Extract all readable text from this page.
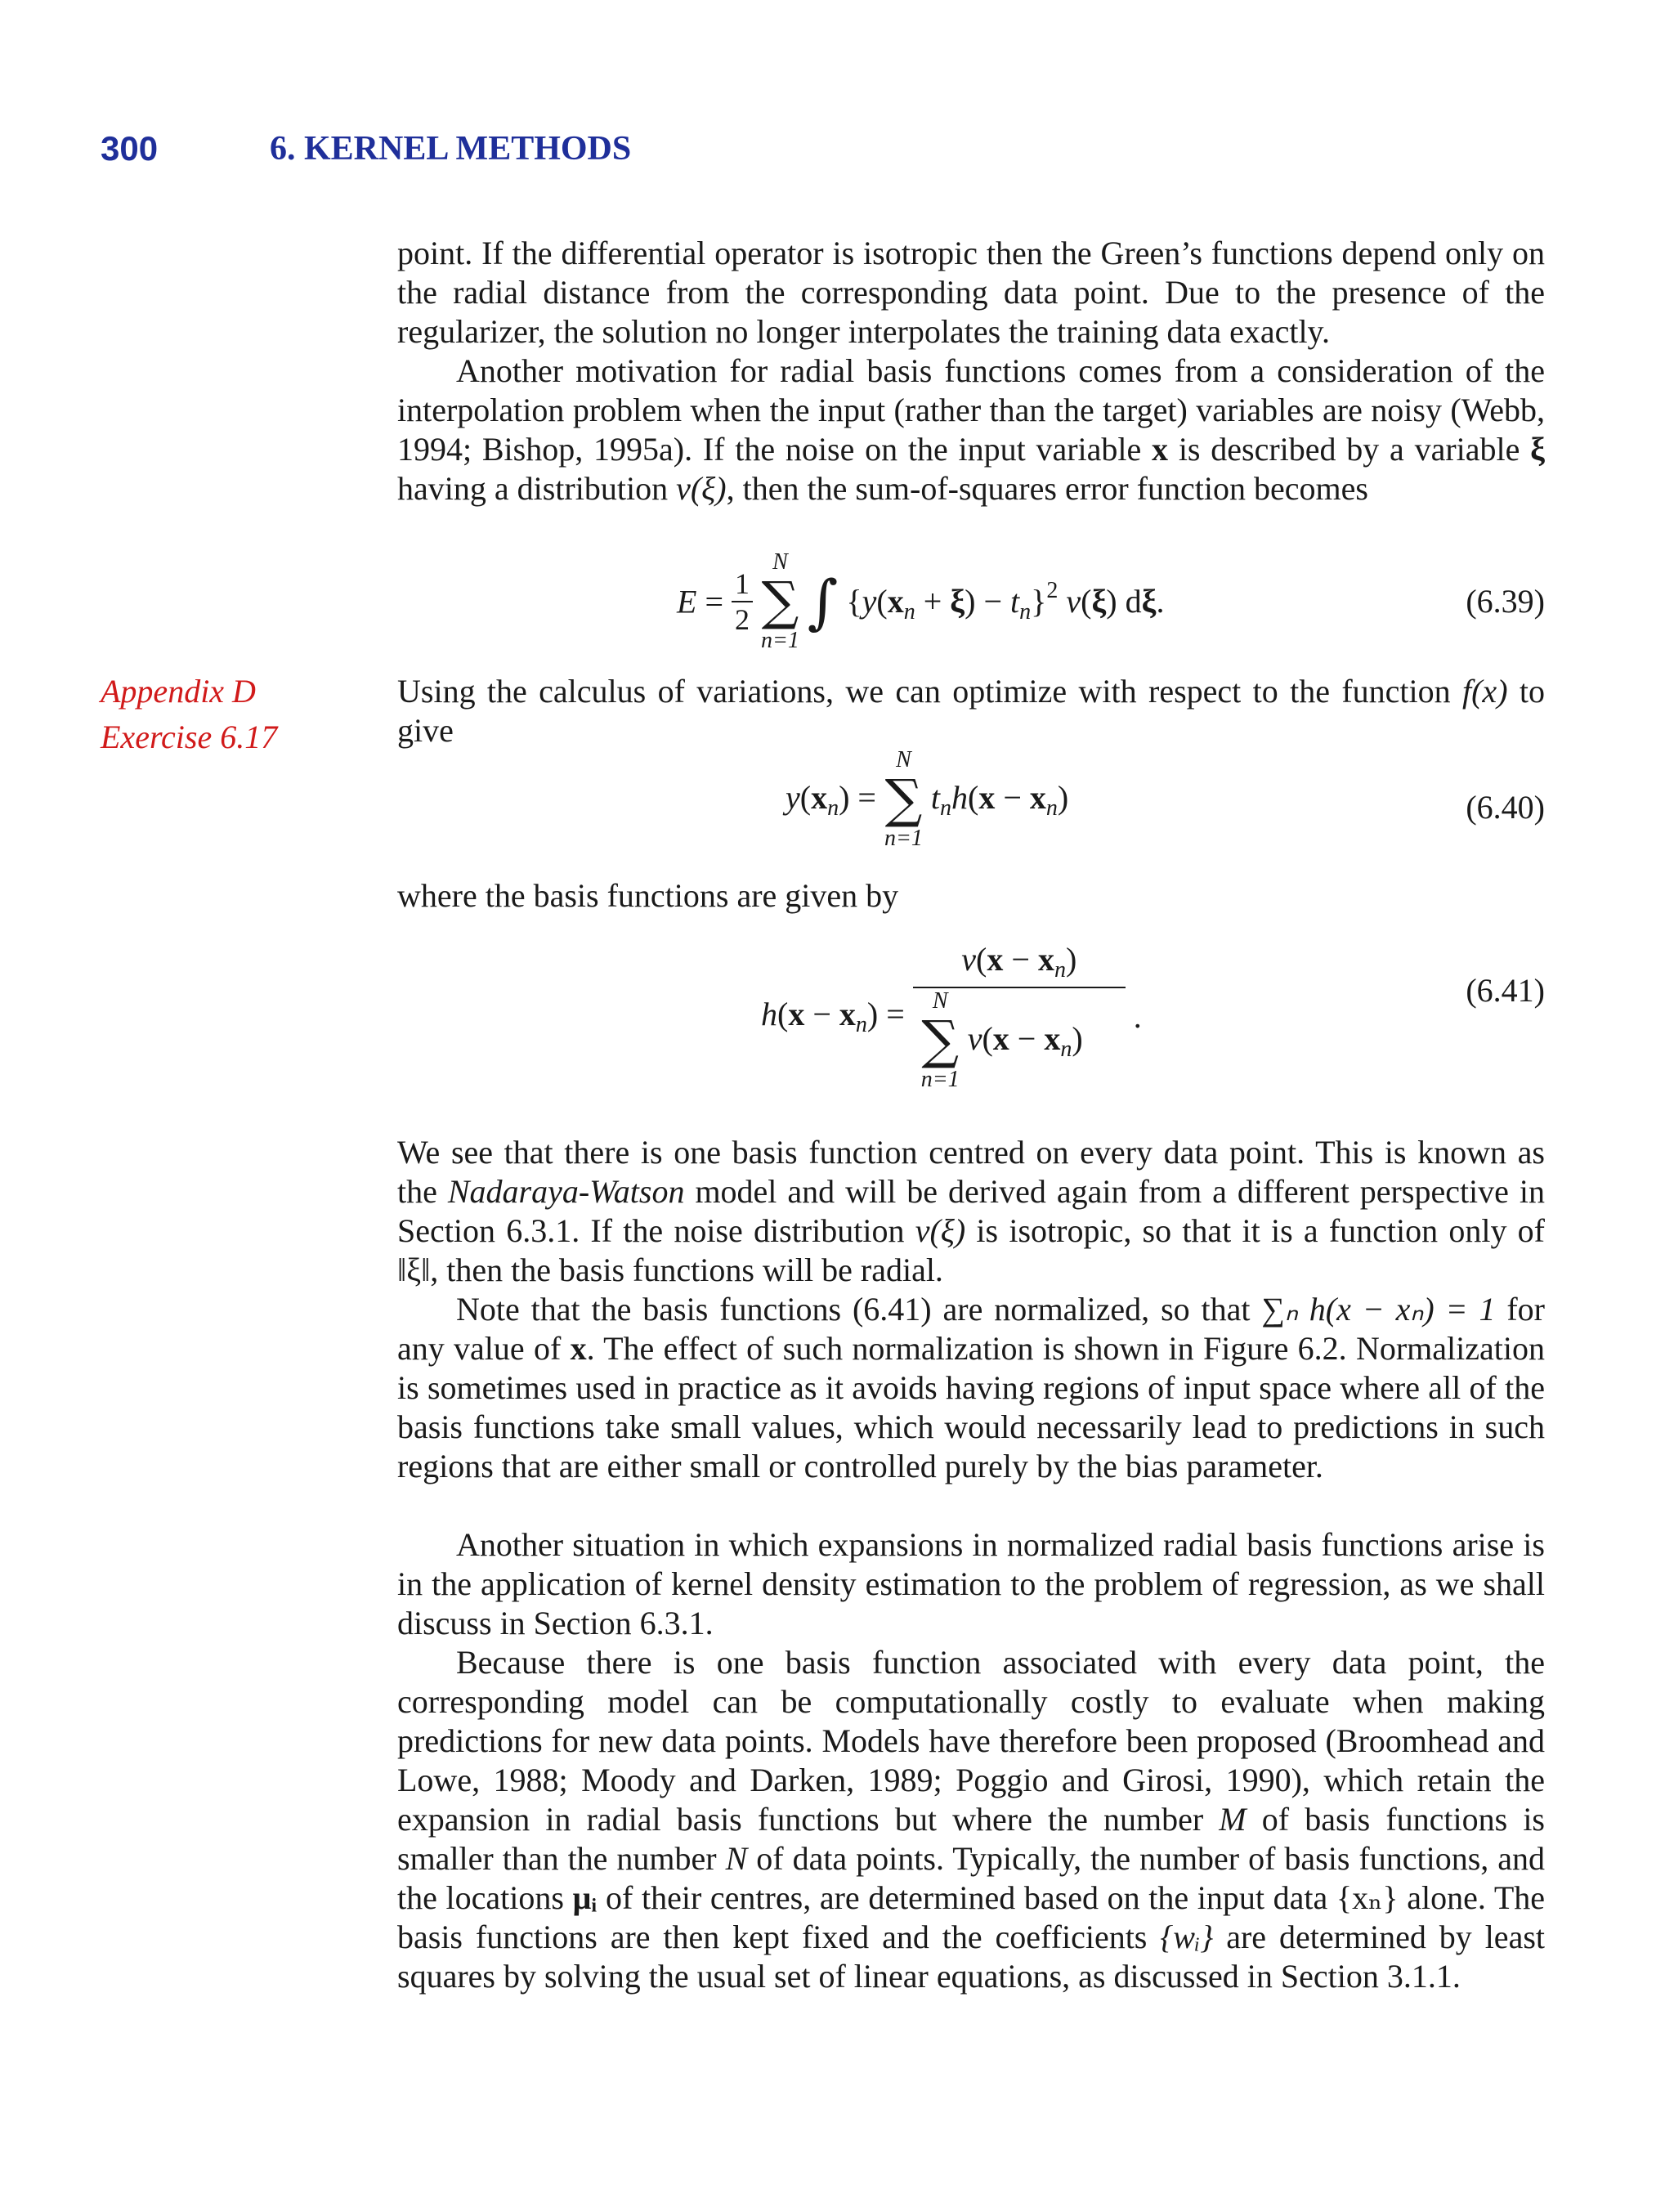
300	6. KERNEL METHODS

point. If the differential operator is isotropic then the Green’s functions depend only on the radial distance from the corresponding data point. Due to the presence of the regularizer, the solution no longer interpolates the training data exactly.

Another motivation for radial basis functions comes from a consideration of the interpolation problem when the input (rather than the target) variables are noisy (Webb, 1994; Bishop, 1995a). If the noise on the input variable x is described by a variable ξ having a distribution ν(ξ), then the sum-of-squares error function becomes

$E = \frac{1}{2}$

N
∑
n=1
∫ $\{y(x_n + \xi) - t_n\}^2$ ν(ξ) dξ.	(6.39)
Appendix D
Exercise 6.17

Using the calculus of variations, we can optimize with respect to the function f(x) to give

$y(x_n)$ =
N
∑
n=1
$t_nh(x - x_n)$	(6.40)

where the basis functions are given by

$h(x - x_n) = \nu(x - x_n)$
N
∑
n=1
$\nu(x - x_n)$ .
(6.41)

We see that there is one basis function centred on every data point. This is known as the Nadaraya-Watson model and will be derived again from a different perspective in Section 6.3.1. If the noise distribution ν(ξ) is isotropic, so that it is a function only of ‖ξ‖, then the basis functions will be radial.

Note that the basis functions (6.41) are normalized, so that ∑ₙ h(x − xₙ) = 1 for any value of x. The effect of such normalization is shown in Figure 6.2. Normalization is sometimes used in practice as it avoids having regions of input space where all of the basis functions take small values, which would necessarily lead to predictions in such regions that are either small or controlled purely by the bias parameter.

Another situation in which expansions in normalized radial basis functions arise is in the application of kernel density estimation to the problem of regression, as we shall discuss in Section 6.3.1.

Because there is one basis function associated with every data point, the corresponding model can be computationally costly to evaluate when making predictions for new data points. Models have therefore been proposed (Broomhead and Lowe, 1988; Moody and Darken, 1989; Poggio and Girosi, 1990), which retain the expansion in radial basis functions but where the number M of basis functions is smaller than the number N of data points. Typically, the number of basis functions, and the locations μᵢ of their centres, are determined based on the input data {xₙ} alone. The basis functions are then kept fixed and the coefficients {wᵢ} are determined by least squares by solving the usual set of linear equations, as discussed in Section 3.1.1.
